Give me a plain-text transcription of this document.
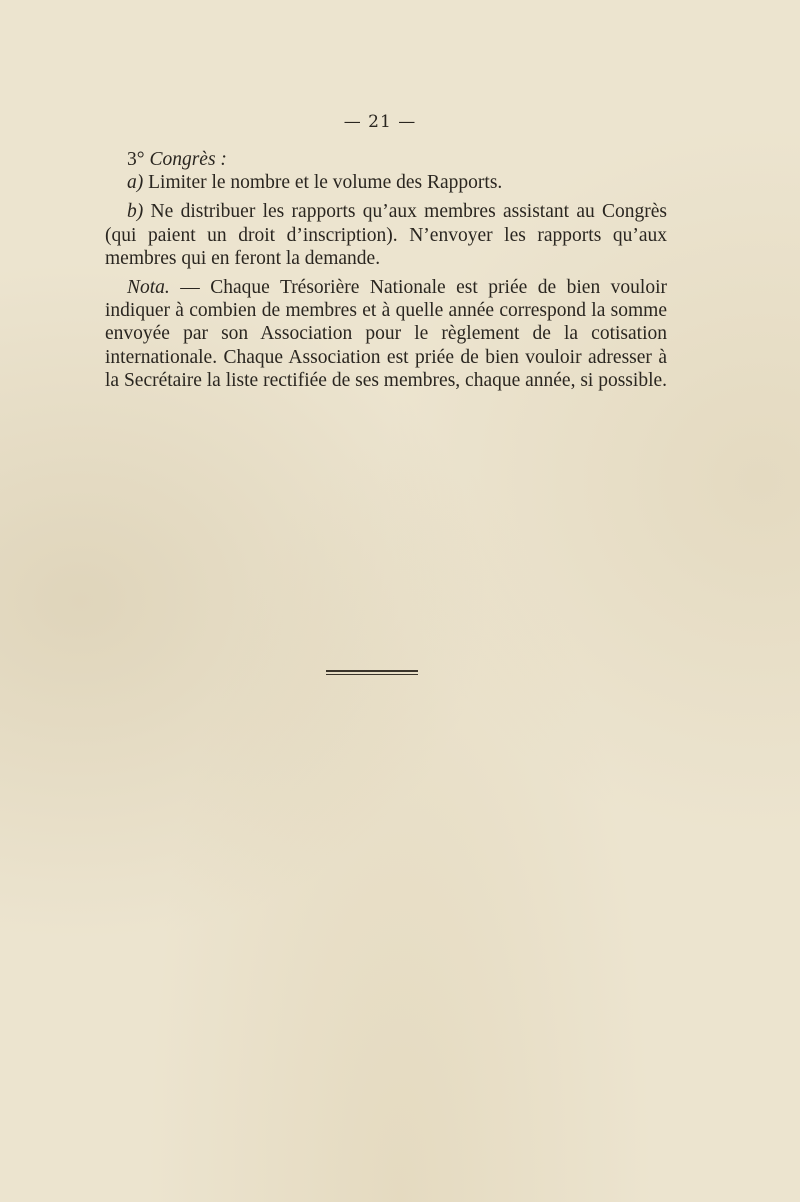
— 21 —

3° Congrès :

a) Limiter le nombre et le volume des Rapports.

b) Ne distribuer les rapports qu’aux membres assistant au Congrès (qui paient un droit d’inscription). N’envoyer les rapports qu’aux membres qui en feront la demande.

Nota. — Chaque Trésorière Nationale est priée de bien vouloir indiquer à combien de membres et à quelle année correspond la somme envoyée par son Association pour le règlement de la cotisation internationale. Chaque Association est priée de bien vouloir adresser à la Secrétaire la liste rectifiée de ses membres, chaque année, si possible.
